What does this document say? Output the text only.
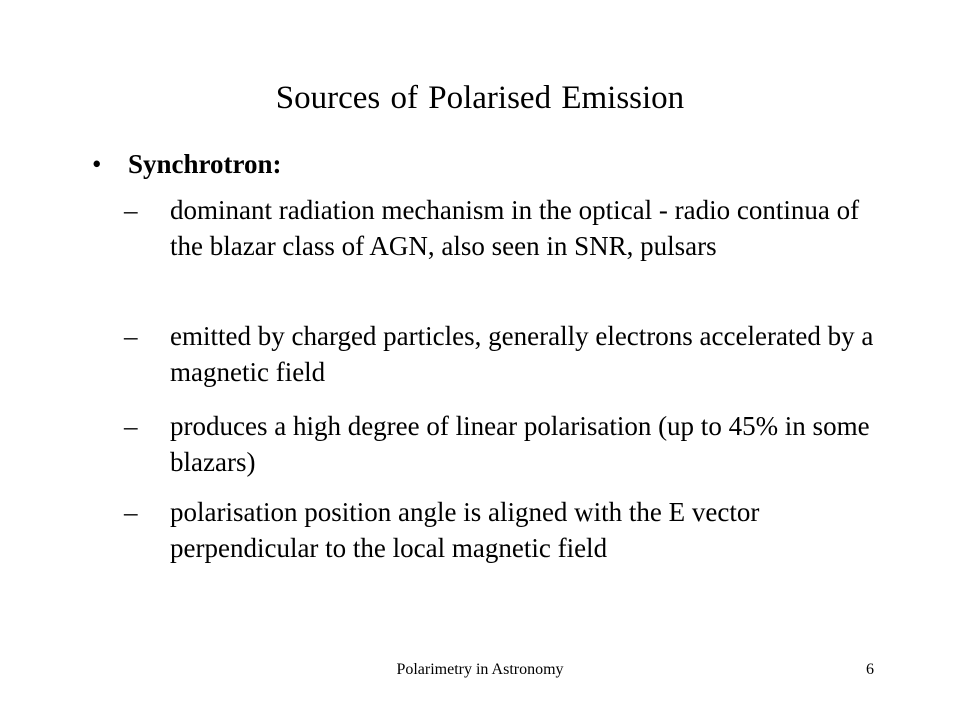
Sources of Polarised Emission
• Synchrotron:
– dominant radiation mechanism in the optical - radio continua of the blazar class of AGN, also seen in SNR, pulsars
– emitted by charged particles, generally electrons accelerated by a magnetic field
– produces a high degree of linear polarisation (up to 45% in some blazars)
– polarisation position angle is aligned with the E vector perpendicular to the local magnetic field
Polarimetry in Astronomy	6
